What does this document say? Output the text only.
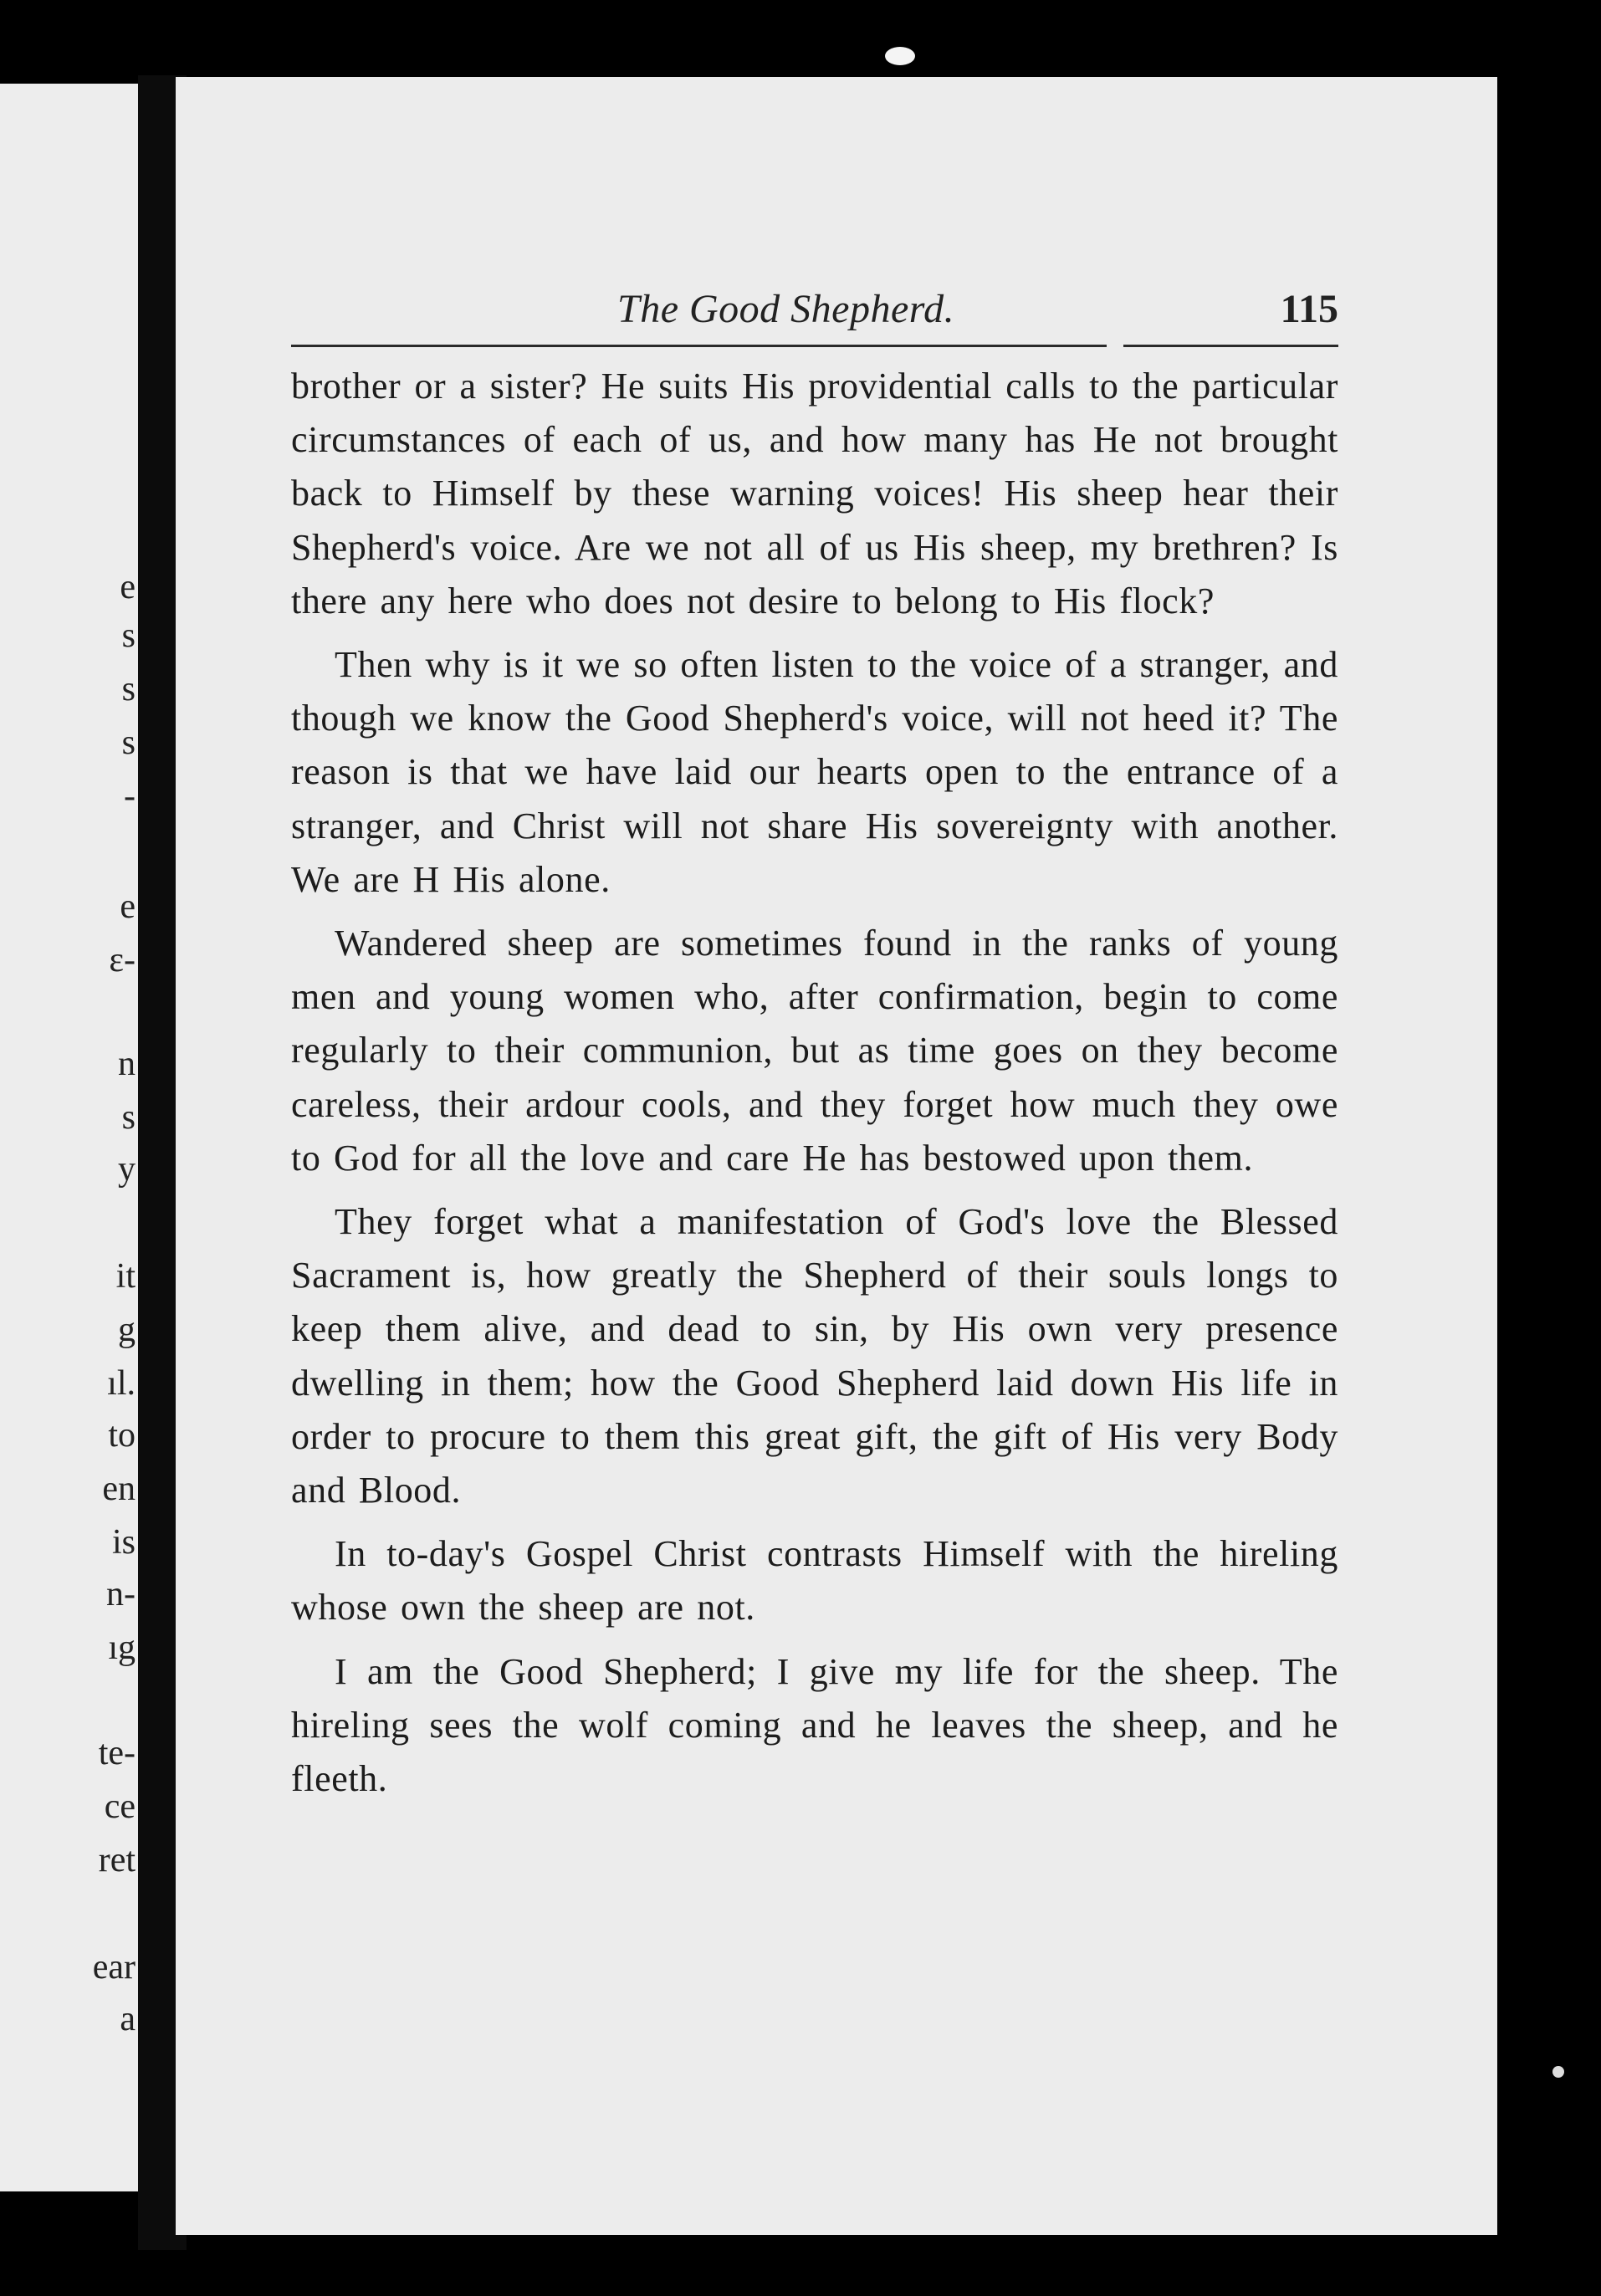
e
s
s
s
-
e
ε-
n
s
y
it
g
ıl.
to
en
is
n-
ıg
te-
ce
ret
ear
a
The Good Shepherd.	115

brother or a sister? He suits His providential calls to the particular circumstances of each of us, and how many has He not brought back to Himself by these warning voices! His sheep hear their Shepherd's voice. Are we not all of us His sheep, my brethren? Is there any here who does not desire to belong to His flock?

Then why is it we so often listen to the voice of a stranger, and though we know the Good Shepherd's voice, will not heed it? The reason is that we have laid our hearts open to the entrance of a stranger, and Christ will not share His sovereignty with another. We are H His alone.

Wandered sheep are sometimes found in the ranks of young men and young women who, after confirmation, begin to come regularly to their communion, but as time goes on they become careless, their ardour cools, and they forget how much they owe to God for all the love and care He has bestowed upon them.

They forget what a manifestation of God's love the Blessed Sacrament is, how greatly the Shepherd of their souls longs to keep them alive, and dead to sin, by His own very presence dwelling in them; how the Good Shepherd laid down His life in order to procure to them this great gift, the gift of His very Body and Blood.

In to-day's Gospel Christ contrasts Himself with the hireling whose own the sheep are not.

I am the Good Shepherd; I give my life for the sheep. The hireling sees the wolf coming and he leaves the sheep, and he fleeth.
